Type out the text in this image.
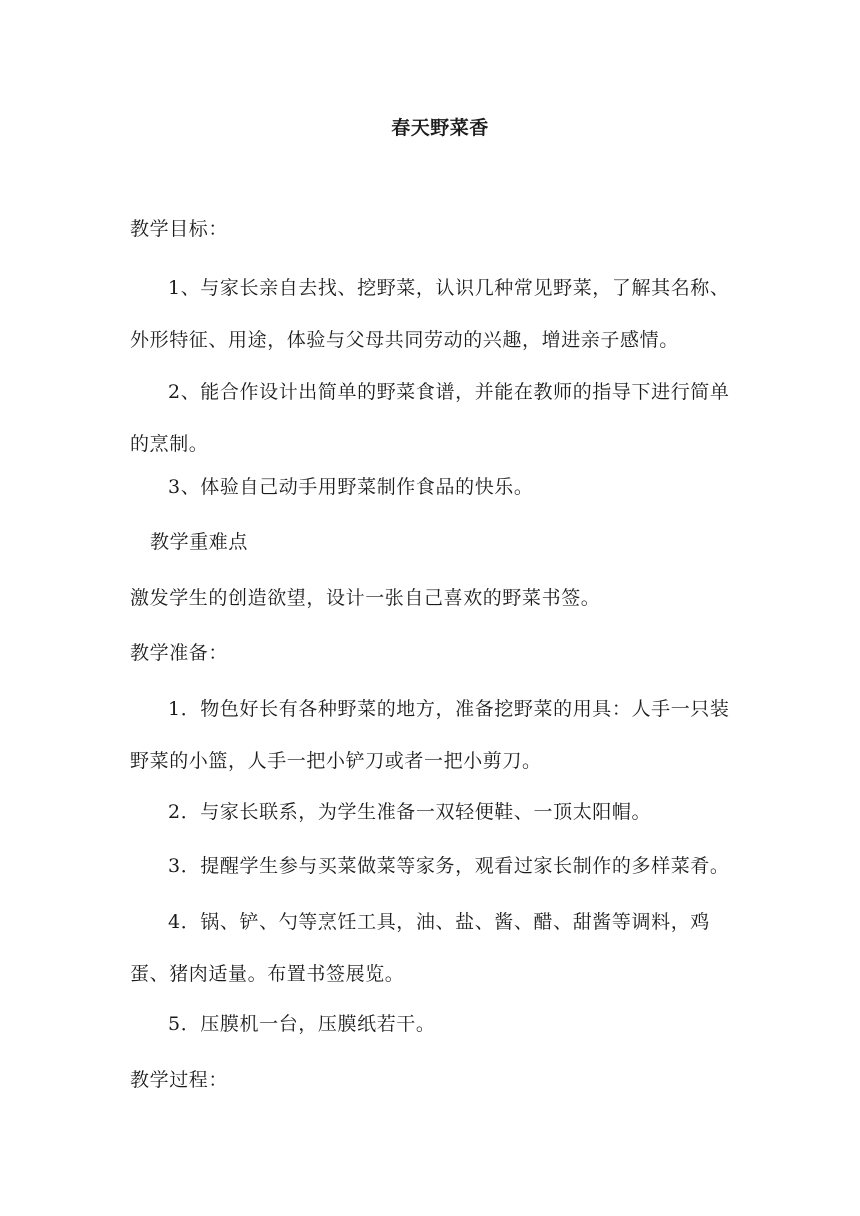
春天野菜香

教学目标：

1、与家长亲自去找、挖野菜，认识几种常见野菜，了解其名称、外形特征、用途，体验与父母共同劳动的兴趣，增进亲子感情。

2、能合作设计出简单的野菜食谱，并能在教师的指导下进行简单的烹制。

3、体验自己动手用野菜制作食品的快乐。

教学重难点

激发学生的创造欲望，设计一张自己喜欢的野菜书签。

教学准备：

1．物色好长有各种野菜的地方，准备挖野菜的用具：人手一只装野菜的小篮，人手一把小铲刀或者一把小剪刀。

2．与家长联系，为学生准备一双轻便鞋、一顶太阳帽。

3．提醒学生参与买菜做菜等家务，观看过家长制作的多样菜肴。

4．锅、铲、勺等烹饪工具，油、盐、酱、醋、甜酱等调料，鸡蛋、猪肉适量。布置书签展览。

5．压膜机一台，压膜纸若干。

教学过程：
